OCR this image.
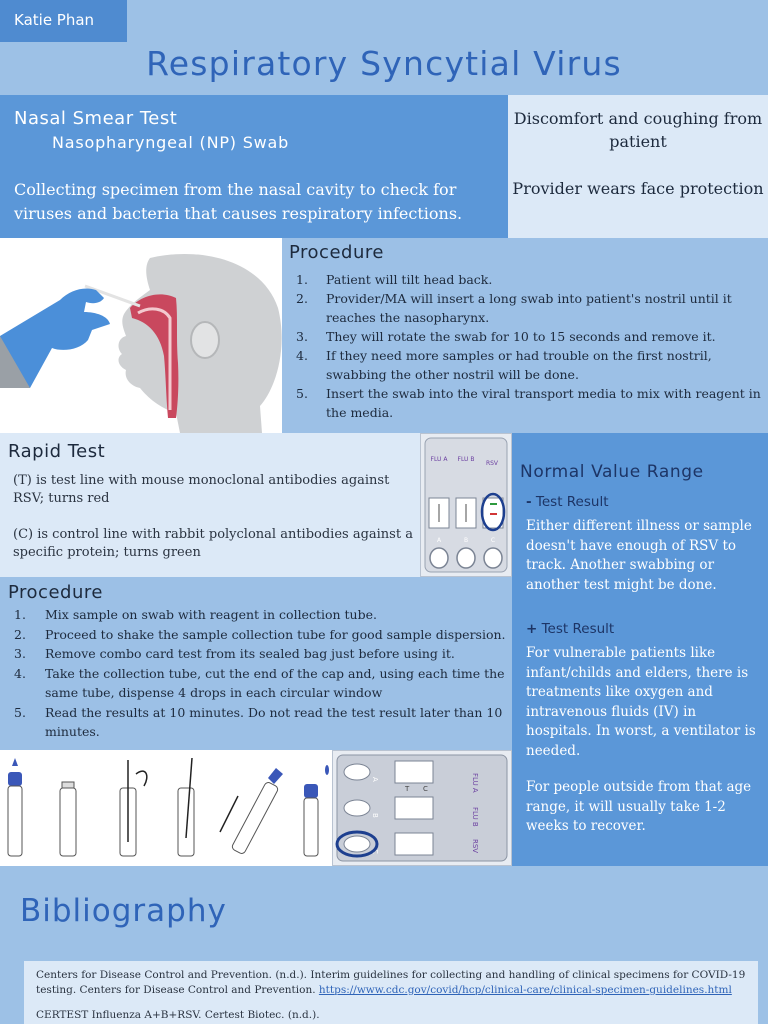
Katie Phan
Respiratory Syncytial Virus
Nasal Smear Test
Nasopharyngeal (NP) Swab
Collecting specimen from the nasal cavity to check for viruses and bacteria that causes respiratory infections.
Discomfort and coughing from patient
Provider wears face protection
Procedure
1. Patient will tilt head back.
2. Provider/MA will insert a long swab into patient's nostril until it reaches the nasopharynx.
3. They will rotate the swab for 10 to 15 seconds and remove it.
4. If they need more samples or had trouble on the first nostril, swabbing the other nostril will be done.
5. Insert the swab into the viral transport media to mix with reagent in the media.
Rapid Test
(T) is test line with mouse monoclonal antibodies against RSV; turns red
(C) is control line with rabbit polyclonal antibodies against a specific protein; turns green
FLU A FLU B
RSV
A	B	C
Normal Value Range
- Test Result
Either different illness or sample doesn't have enough of RSV to track. Another swabbing or another test might be done.
+ Test Result
For vulnerable patients like infant/childs and elders, there is treatments like oxygen and intravenous fluids (IV) in hospitals. In worst, a ventilator is needed.
For people outside from that age range, it will usually take 1-2 weeks to recover.
Procedure
1. Mix sample on swab with reagent in collection tube.
2. Proceed to shake the sample collection tube for good sample dispersion.
3. Remove combo card test from its sealed bag just before using it.
4. Take the collection tube, cut the end of the cap and, using each time the same tube, dispense 4 drops in each circular window
5. Read the results at 10 minutes. Do not read the test result later than 10 minutes.
C
T	FLU A
FLU B
RSV
A
B
C
Bibliography
Centers for Disease Control and Prevention. (n.d.). Interim guidelines for collecting and handling of clinical specimens for COVID-19 testing. Centers for Disease Control and Prevention. https://www.cdc.gov/covid/hcp/clinical-care/clinical-specimen-guidelines.html
CERTEST Influenza A+B+RSV. Certest Biotec. (n.d.).
